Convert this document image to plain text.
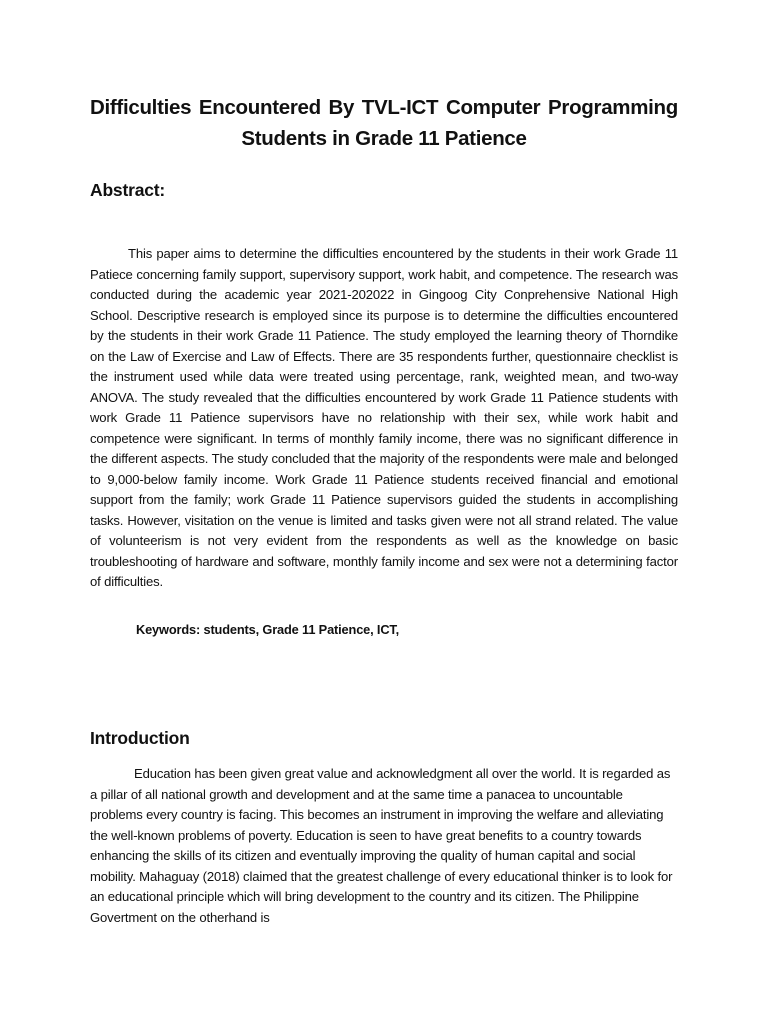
Difficulties Encountered By TVL-ICT Computer Programming Students in Grade 11 Patience
Abstract:
This paper aims to determine the difficulties encountered by the students in their work Grade 11 Patiece concerning family support, supervisory support, work habit, and competence. The research was conducted during the academic year 2021-202022 in Gingoog City Conprehensive National High School. Descriptive research is employed since its purpose is to determine the difficulties encountered by the students in their work Grade 11 Patience. The study employed the learning theory of Thorndike on the Law of Exercise and Law of Effects. There are 35 respondents further, questionnaire checklist is the instrument used while data were treated using percentage, rank, weighted mean, and two-way ANOVA. The study revealed that the difficulties encountered by work Grade 11 Patience students with work Grade 11 Patience supervisors have no relationship with their sex, while work habit and competence were significant. In terms of monthly family income, there was no significant difference in the different aspects. The study concluded that the majority of the respondents were male and belonged to 9,000-below family income. Work Grade 11 Patience students received financial and emotional support from the family; work Grade 11 Patience supervisors guided the students in accomplishing tasks. However, visitation on the venue is limited and tasks given were not all strand related. The value of volunteerism is not very evident from the respondents as well as the knowledge on basic troubleshooting of hardware and software, monthly family income and sex were not a determining factor of difficulties.
Keywords: students, Grade 11 Patience, ICT,
Introduction
Education has been given great value and acknowledgment all over the world. It is regarded as a pillar of all national growth and development and at the same time a panacea to uncountable problems every country is facing. This becomes an instrument in improving the welfare and alleviating the well-known problems of poverty. Education is seen to have great benefits to a country towards enhancing the skills of its citizen and eventually improving the quality of human capital and social mobility. Mahaguay (2018) claimed that the greatest challenge of every educational thinker is to look for an educational principle which will bring development to the country and its citizen. The Philippine Govertment on the otherhand is
